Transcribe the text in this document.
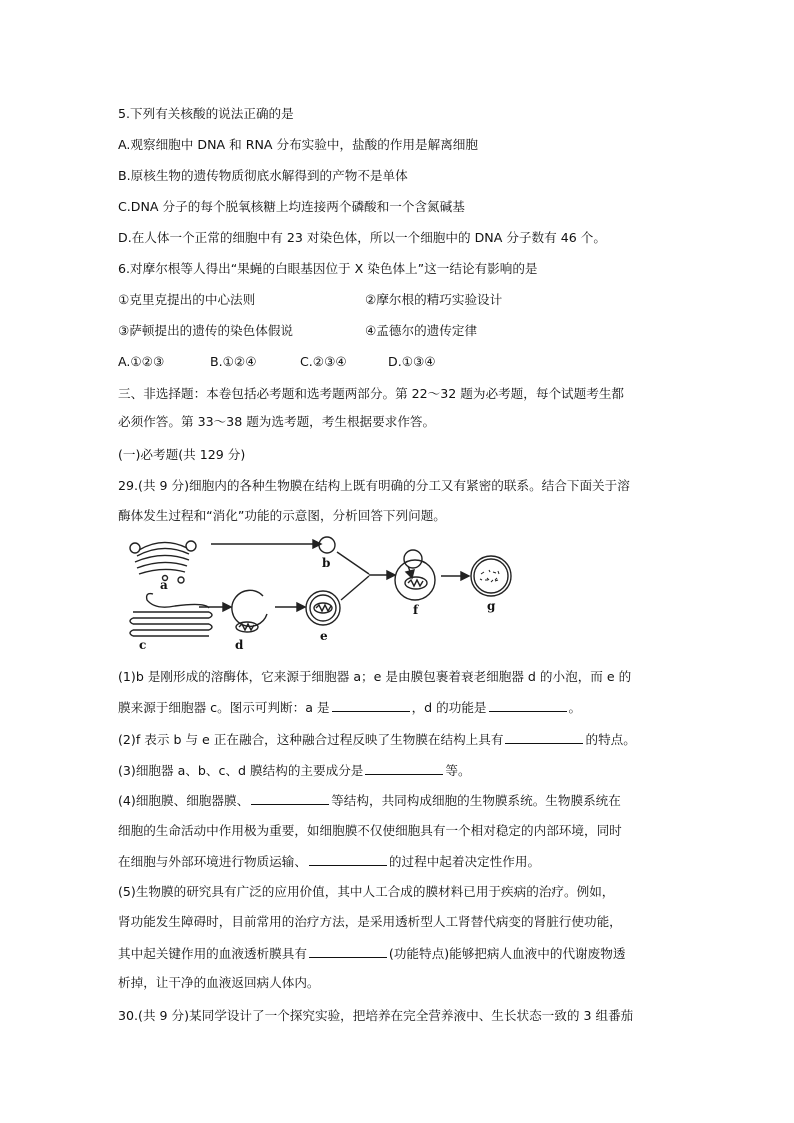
5.下列有关核酸的说法正确的是
A.观察细胞中 DNA 和 RNA 分布实验中，盐酸的作用是解离细胞
B.原核生物的遗传物质彻底水解得到的产物不是单体
C.DNA 分子的每个脱氧核糖上均连接两个磷酸和一个含氮碱基
D.在人体一个正常的细胞中有 23 对染色体，所以一个细胞中的 DNA 分子数有 46 个。
6.对摩尔根等人得出“果蝇的白眼基因位于 X 染色体上”这一结论有影响的是
①克里克提出的中心法则	②摩尔根的精巧实验设计
③萨顿提出的遗传的染色体假说	④孟德尔的遗传定律
A.①②③	B.①②④	C.②③④	D.①③④
三、非选择题：本卷包括必考题和选考题两部分。第 22～32 题为必考题，每个试题考生都
必须作答。第 33～38 题为选考题，考生根据要求作答。
(一)必考题(共 129 分)
29.(共 9 分)细胞内的各种生物膜在结构上既有明确的分工又有紧密的联系。结合下面关于溶
酶体发生过程和“消化”功能的示意图，分析回答下列问题。
a
b
c	d
e
f	g
(1)b 是刚形成的溶酶体，它来源于细胞器 a；e 是由膜包裹着衰老细胞器 d 的小泡，而 e 的
膜来源于细胞器 c。图示可判断：a 是	，d 的功能是	。
(2)f 表示 b 与 e 正在融合，这种融合过程反映了生物膜在结构上具有	的特点。
(3)细胞器 a、b、c、d 膜结构的主要成分是	等。
(4)细胞膜、细胞器膜、	等结构，共同构成细胞的生物膜系统。生物膜系统在
细胞的生命活动中作用极为重要，如细胞膜不仅使细胞具有一个相对稳定的内部环境，同时
在细胞与外部环境进行物质运输、	的过程中起着决定性作用。
(5)生物膜的研究具有广泛的应用价值，其中人工合成的膜材料已用于疾病的治疗。例如，
肾功能发生障碍时，目前常用的治疗方法，是采用透析型人工肾替代病变的肾脏行使功能，
其中起关键作用的血液透析膜具有	(功能特点)能够把病人血液中的代谢废物透
析掉，让干净的血液返回病人体内。
30.(共 9 分)某同学设计了一个探究实验，把培养在完全营养液中、生长状态一致的 3 组番茄
